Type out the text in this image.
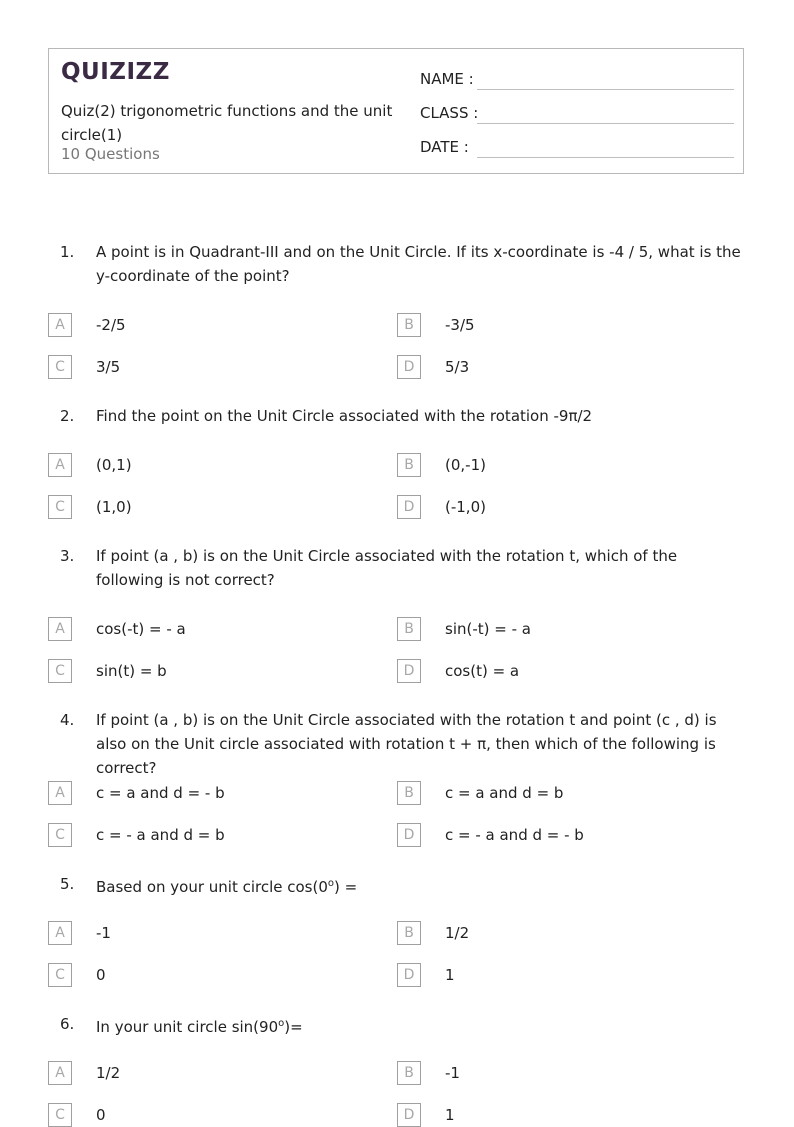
QUIZIZZ
Quiz(2) trigonometric functions and the unit circle(1)
10 Questions
NAME :
CLASS :
DATE :
1. A point is in Quadrant-III and on the Unit Circle. If its x-coordinate is -4 / 5, what is the y-coordinate of the point?
A	-2/5	B	-3/5
C	3/5	D	5/3
2. Find the point on the Unit Circle associated with the rotation -9π/2
A	(0,1)	B	(0,-1)
C	(1,0)	D	(-1,0)
3. If point (a , b) is on the Unit Circle associated with the rotation t, which of the following is not correct?
A	cos(-t) = - a	B	sin(-t) = - a
C	sin(t) = b	D	cos(t) = a
4. If point (a , b) is on the Unit Circle associated with the rotation t and point (c , d) is also on the Unit circle associated with rotation t + π, then which of the following is correct?
A	c = a and d = - b	B	c = a and d = b
C	c = - a and d = b	D	c = - a and d = - b
5. Based on your unit circle $\cos(0^o)$ =
A	-1	B	1/2
C	0	D	1
6. In your unit circle $\sin(90^o)=$
A	1/2	B	-1
C	0	D	1
